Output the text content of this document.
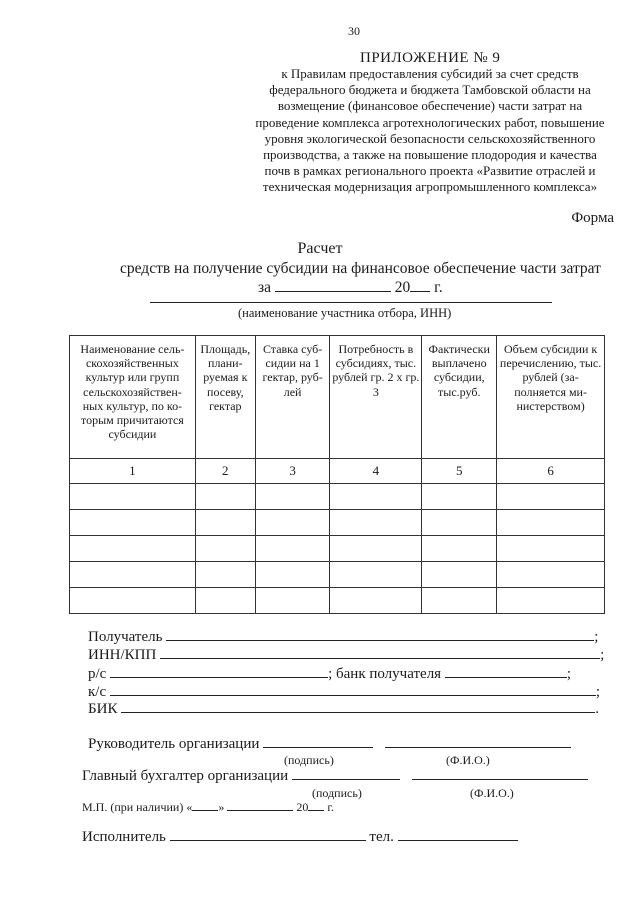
30
ПРИЛОЖЕНИЕ № 9
к Правилам предоставления субсидий за счет средств
федерального бюджета и бюджета Тамбовской области на
возмещение (финансовое обеспечение) части затрат на
проведение комплекса агротехнологических работ, повышение
уровня экологической безопасности сельскохозяйственного
производства, а также на повышение плодородия и качества
почв в рамках регионального проекта «Развитие отраслей и
техническая модернизация агропромышленного комплекса»
Форма
Расчет
средств на получение субсидии на финансовое обеспечение части затрат
за	20 г.
(наименование участника отбора, ИНН)
Наименование сель-скохозяйственных культур или групп сельскохозяйствен-ных культур, по ко-торым причитаются субсидии	Площадь, плани-руемая к посеву, гектар	Ставка суб-сидии на 1 гектар, руб-лей	Потребность в субсидиях, тыс. рублей гр. 2 х гр. 3	Фактически выплачено субсидии, тыс.руб.	Объем субсидии к перечислению, тыс. рублей (за-полняется ми-нистерством)
1	2	3	4	5	6

Получатель	;
ИНН/КПП	;
р/с	; банк получателя	;
к/с	;
БИК	.
Руководитель организации
(подпись)	(Ф.И.О.)
Главный бухгалтер организации
(подпись)	(Ф.И.О.)
М.П. (при наличии) « »	20 г.
Исполнитель	тел.
